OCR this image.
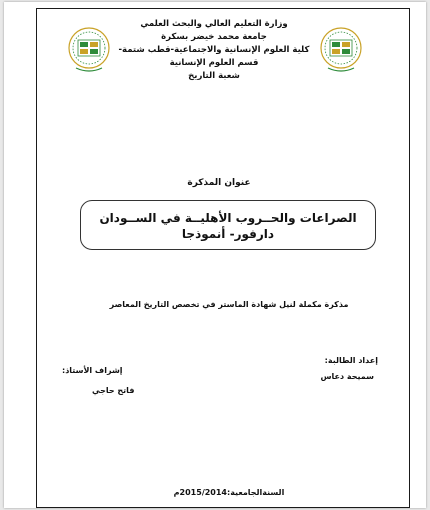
وزارة التعليم العالي والبحث العلمي
جامعة محمد خيضر بسكرة
كلية العلوم الإنسانية والاجتماعية-قطب شتمة-
قسم العلوم الإنسانية
شعبة التاريخ
عنوان المذكرة
الصراعات والحــروب الأهليــة في الســودان
دارفور- أنموذجا
مذكرة مكملة لنيل شهادة الماستر في تخصص التاريخ المعاصر
إعداد الطالبة:
سميحة دعاس
إشراف الأستاذ:
فاتح حاجي
السنةالجامعية:2015/2014م
